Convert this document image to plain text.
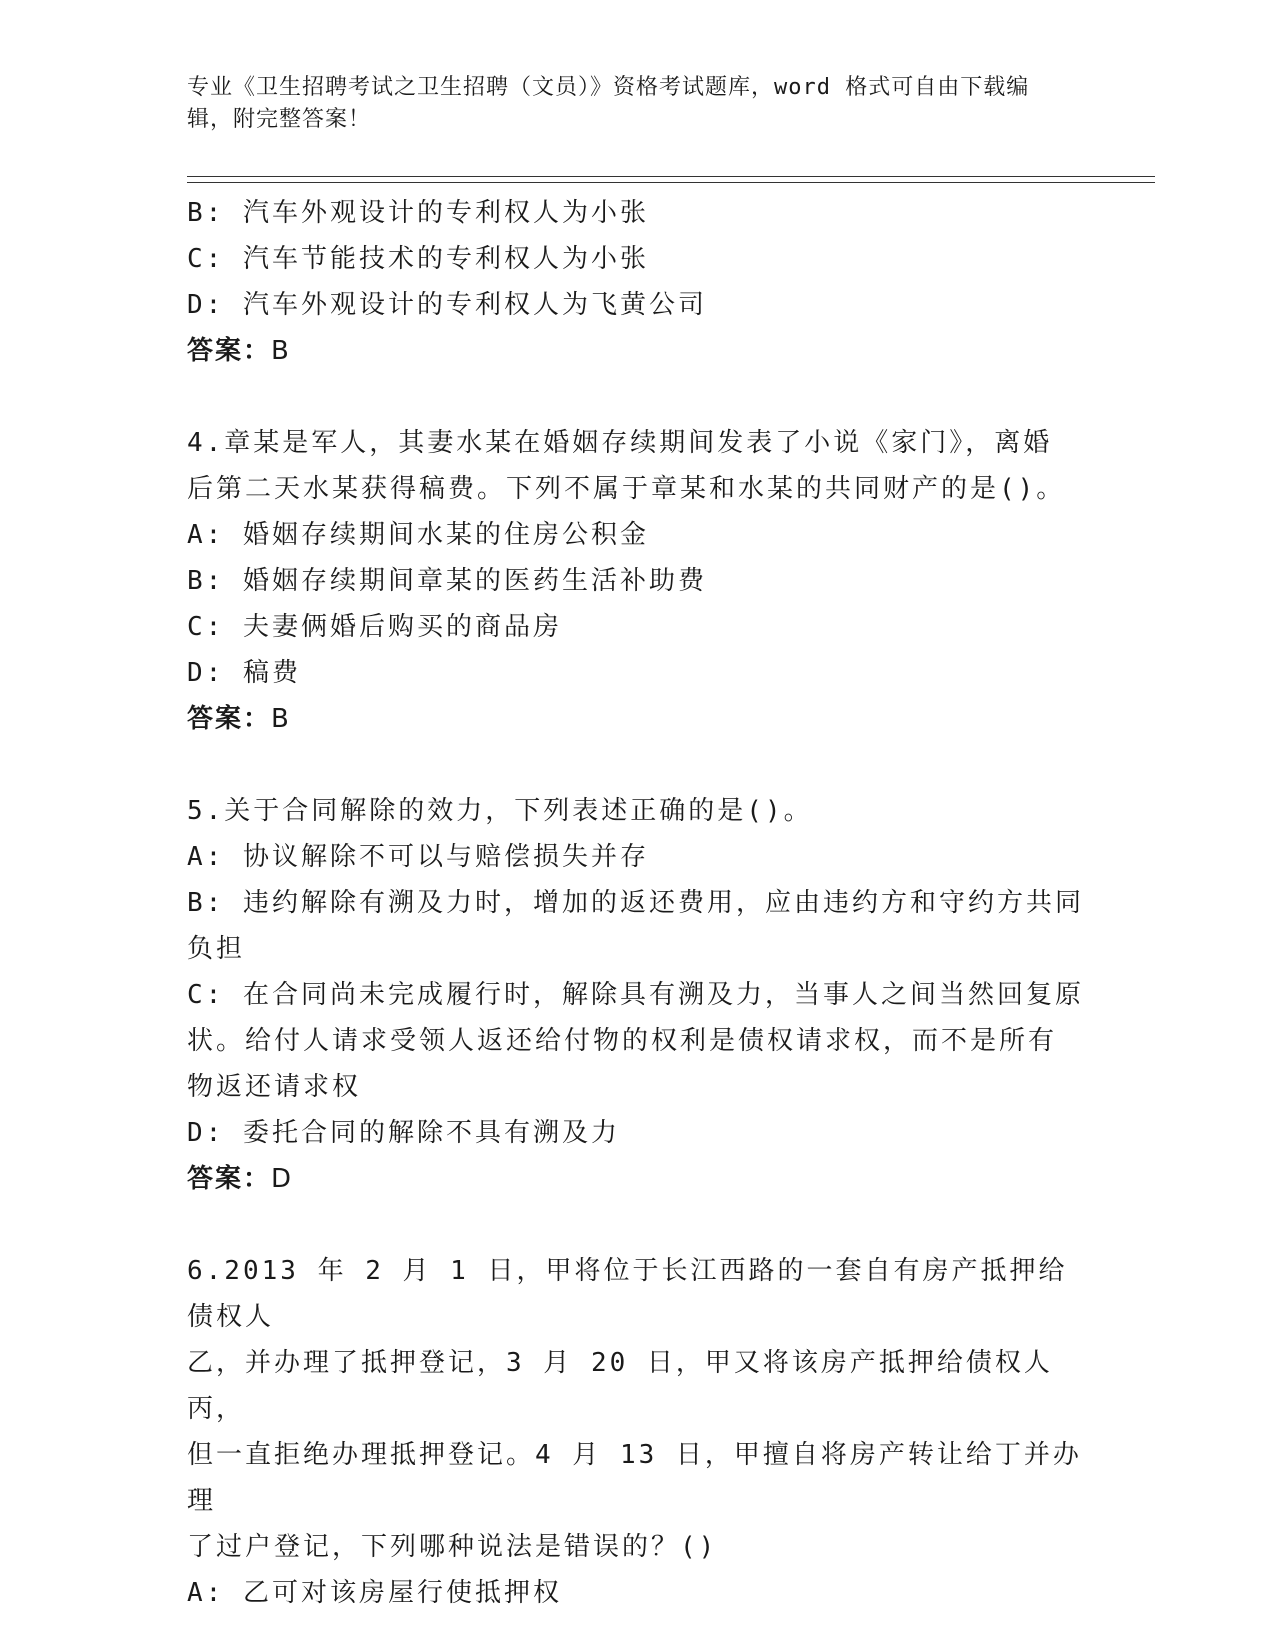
专业《卫生招聘考试之卫生招聘（文员）》资格考试题库，word 格式可自由下载编辑，附完整答案！

B: 汽车外观设计的专利权人为小张

C: 汽车节能技术的专利权人为小张

D: 汽车外观设计的专利权人为飞黄公司

答案：B

4.章某是军人，其妻水某在婚姻存续期间发表了小说《家门》，离婚

后第二天水某获得稿费。下列不属于章某和水某的共同财产的是()。

A: 婚姻存续期间水某的住房公积金

B: 婚姻存续期间章某的医药生活补助费

C: 夫妻俩婚后购买的商品房

D: 稿费

答案：B

5.关于合同解除的效力，下列表述正确的是()。

A: 协议解除不可以与赔偿损失并存

B: 违约解除有溯及力时，增加的返还费用，应由违约方和守约方共同

负担

C: 在合同尚未完成履行时，解除具有溯及力，当事人之间当然回复原

状。给付人请求受领人返还给付物的权利是债权请求权，而不是所有

物返还请求权

D: 委托合同的解除不具有溯及力

答案：D

6.2013 年 2 月 1 日，甲将位于长江西路的一套自有房产抵押给债权人

乙，并办理了抵押登记，3 月 20 日，甲又将该房产抵押给债权人丙，

但一直拒绝办理抵押登记。4 月 13 日，甲擅自将房产转让给丁并办理

了过户登记，下列哪种说法是错误的？()

A: 乙可对该房屋行使抵押权
